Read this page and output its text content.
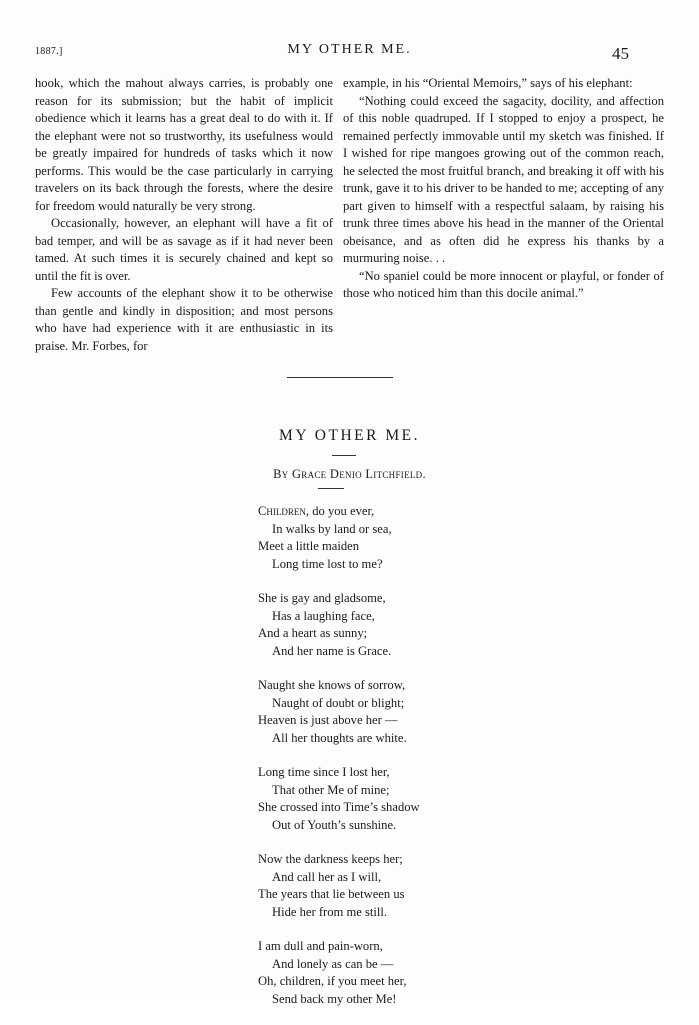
1887.]	MY OTHER ME.	45

hook, which the mahout always carries, is probably one reason for its submission; but the habit of implicit obedience which it learns has a great deal to do with it. If the elephant were not so trustworthy, its usefulness would be greatly impaired for hundreds of tasks which it now performs. This would be the case particularly in carrying travelers on its back through the forests, where the desire for freedom would naturally be very strong.

Occasionally, however, an elephant will have a fit of bad temper, and will be as savage as if it had never been tamed. At such times it is securely chained and kept so until the fit is over.

Few accounts of the elephant show it to be otherwise than gentle and kindly in disposition; and most persons who have had experience with it are enthusiastic in its praise. Mr. Forbes, for

example, in his “Oriental Memoirs,” says of his elephant:

“Nothing could exceed the sagacity, docility, and affection of this noble quadruped. If I stopped to enjoy a prospect, he remained perfectly immovable until my sketch was finished. If I wished for ripe mangoes growing out of the common reach, he selected the most fruitful branch, and breaking it off with his trunk, gave it to his driver to be handed to me; accepting of any part given to himself with a respectful salaam, by raising his trunk three times above his head in the manner of the Oriental obeisance, and as often did he express his thanks by a murmuring noise. . .

“No spaniel could be more innocent or playful, or fonder of those who noticed him than this docile animal.”

MY OTHER ME.
By Grace Denio Litchfield.
Children, do you ever,
In walks by land or sea,
Meet a little maiden
Long time lost to me?
She is gay and gladsome,
Has a laughing face,
And a heart as sunny;
And her name is Grace.
Naught she knows of sorrow,
Naught of doubt or blight;
Heaven is just above her —
All her thoughts are white.
Long time since I lost her,
That other Me of mine;
She crossed into Time’s shadow
Out of Youth’s sunshine.
Now the darkness keeps her;
And call her as I will,
The years that lie between us
Hide her from me still.
I am dull and pain-worn,
And lonely as can be —
Oh, children, if you meet her,
Send back my other Me!
